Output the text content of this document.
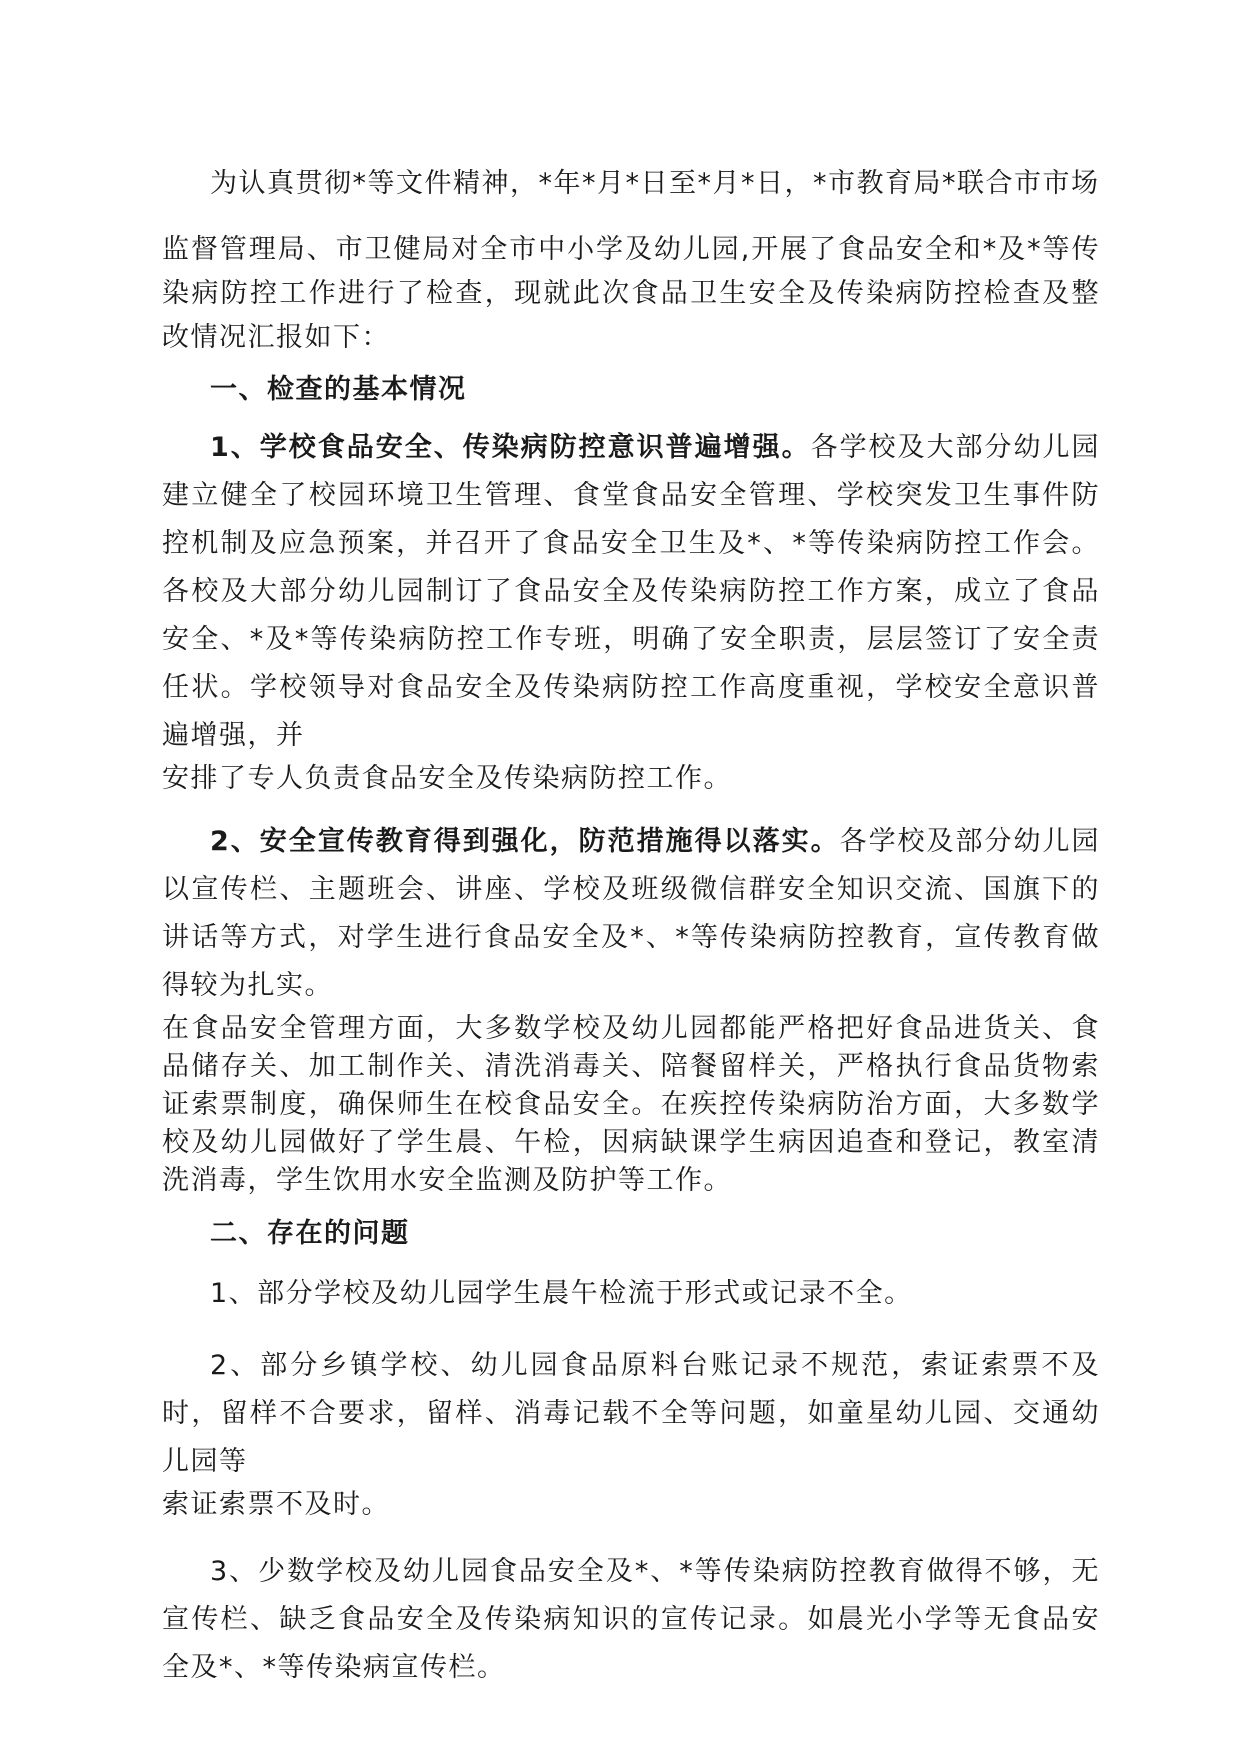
为认真贯彻*等文件精神，*年*月*日至*月*日，*市教育局*联合市市场

监督管理局、市卫健局对全市中小学及幼儿园,开展了食品安全和*及*等传染病防控工作进行了检查，现就此次食品卫生安全及传染病防控检查及整改情况汇报如下：

一、检查的基本情况

1、学校食品安全、传染病防控意识普遍增强。各学校及大部分幼儿园建立健全了校园环境卫生管理、食堂食品安全管理、学校突发卫生事件防控机制及应急预案，并召开了食品安全卫生及*、*等传染病防控工作会。各校及大部分幼儿园制订了食品安全及传染病防控工作方案，成立了食品安全、*及*等传染病防控工作专班，明确了安全职责，层层签订了安全责任状。学校领导对食品安全及传染病防控工作高度重视，学校安全意识普遍增强，并

安排了专人负责食品安全及传染病防控工作。

2、安全宣传教育得到强化，防范措施得以落实。各学校及部分幼儿园以宣传栏、主题班会、讲座、学校及班级微信群安全知识交流、国旗下的讲话等方式，对学生进行食品安全及*、*等传染病防控教育，宣传教育做得较为扎实。

在食品安全管理方面，大多数学校及幼儿园都能严格把好食品进货关、食品储存关、加工制作关、清洗消毒关、陪餐留样关，严格执行食品货物索证索票制度，确保师生在校食品安全。在疾控传染病防治方面，大多数学校及幼儿园做好了学生晨、午检，因病缺课学生病因追查和登记，教室清洗消毒，学生饮用水安全监测及防护等工作。

二、存在的问题

1、部分学校及幼儿园学生晨午检流于形式或记录不全。

2、部分乡镇学校、幼儿园食品原料台账记录不规范，索证索票不及时，留样不合要求，留样、消毒记载不全等问题，如童星幼儿园、交通幼儿园等

索证索票不及时。

3、少数学校及幼儿园食品安全及*、*等传染病防控教育做得不够，无宣传栏、缺乏食品安全及传染病知识的宣传记录。如晨光小学等无食品安全及*、*等传染病宣传栏。
